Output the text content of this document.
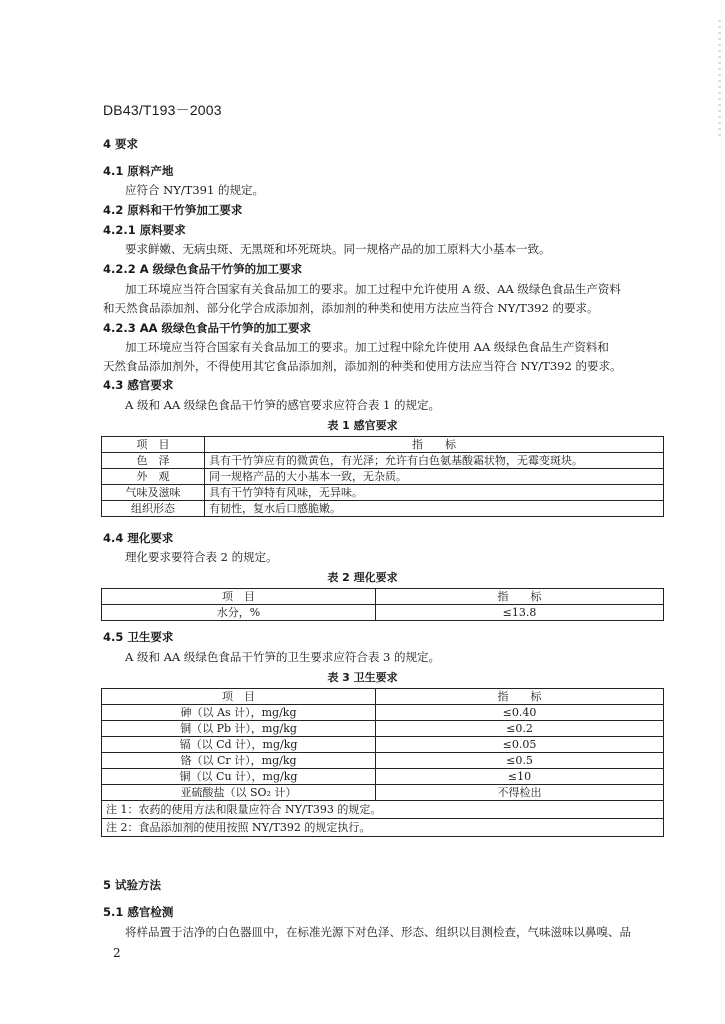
DB43/T193－2003
4 要求
4.1 原料产地
应符合 NY/T391 的规定。
4.2 原料和干竹笋加工要求
4.2.1 原料要求
要求鲜嫩、无病虫斑、无黑斑和坏死斑块。同一规格产品的加工原料大小基本一致。
4.2.2 A 级绿色食品干竹笋的加工要求
加工环境应当符合国家有关食品加工的要求。加工过程中允许使用 A 级、AA 级绿色食品生产资料
和天然食品添加剂、部分化学合成添加剂，添加剂的种类和使用方法应当符合 NY/T392 的要求。
4.2.3 AA 级绿色食品干竹笋的加工要求
加工环境应当符合国家有关食品加工的要求。加工过程中除允许使用 AA 级绿色食品生产资料和
天然食品添加剂外，不得使用其它食品添加剂，添加剂的种类和使用方法应当符合 NY/T392 的要求。
4.3 感官要求
A 级和 AA 级绿色食品干竹笋的感官要求应符合表 1 的规定。
表 1 感官要求
项　目	指　　标
色　泽	具有干竹笋应有的微黄色，有光泽；允许有白色氨基酸霜状物，无霉变斑块。
外　观	同一规格产品的大小基本一致，无杂质。
气味及滋味	具有干竹笋特有风味，无异味。
组织形态	有韧性，复水后口感脆嫩。
4.4 理化要求
理化要求要符合表 2 的规定。
表 2 理化要求
项　目	指　　标
水分，%	≤13.8
4.5 卫生要求
A 级和 AA 级绿色食品干竹笋的卫生要求应符合表 3 的规定。
表 3 卫生要求
项　目	指　　标
砷（以 As 计），mg/kg	≤0.40
铜（以 Pb 计），mg/kg	≤0.2
镉（以 Cd 计），mg/kg	≤0.05
铬（以 Cr 计），mg/kg	≤0.5
铜（以 Cu 计），mg/kg	≤10
亚硫酸盐（以 SO₂ 计）	不得检出
注 1：农药的使用方法和限量应符合 NY/T393 的规定。	
注 2：食品添加剂的使用按照 NY/T392 的规定执行。	
5 试验方法
5.1 感官检测
将样品置于洁净的白色器皿中，在标准光源下对色泽、形态、组织以目测检查，气味滋味以鼻嗅、品
2
